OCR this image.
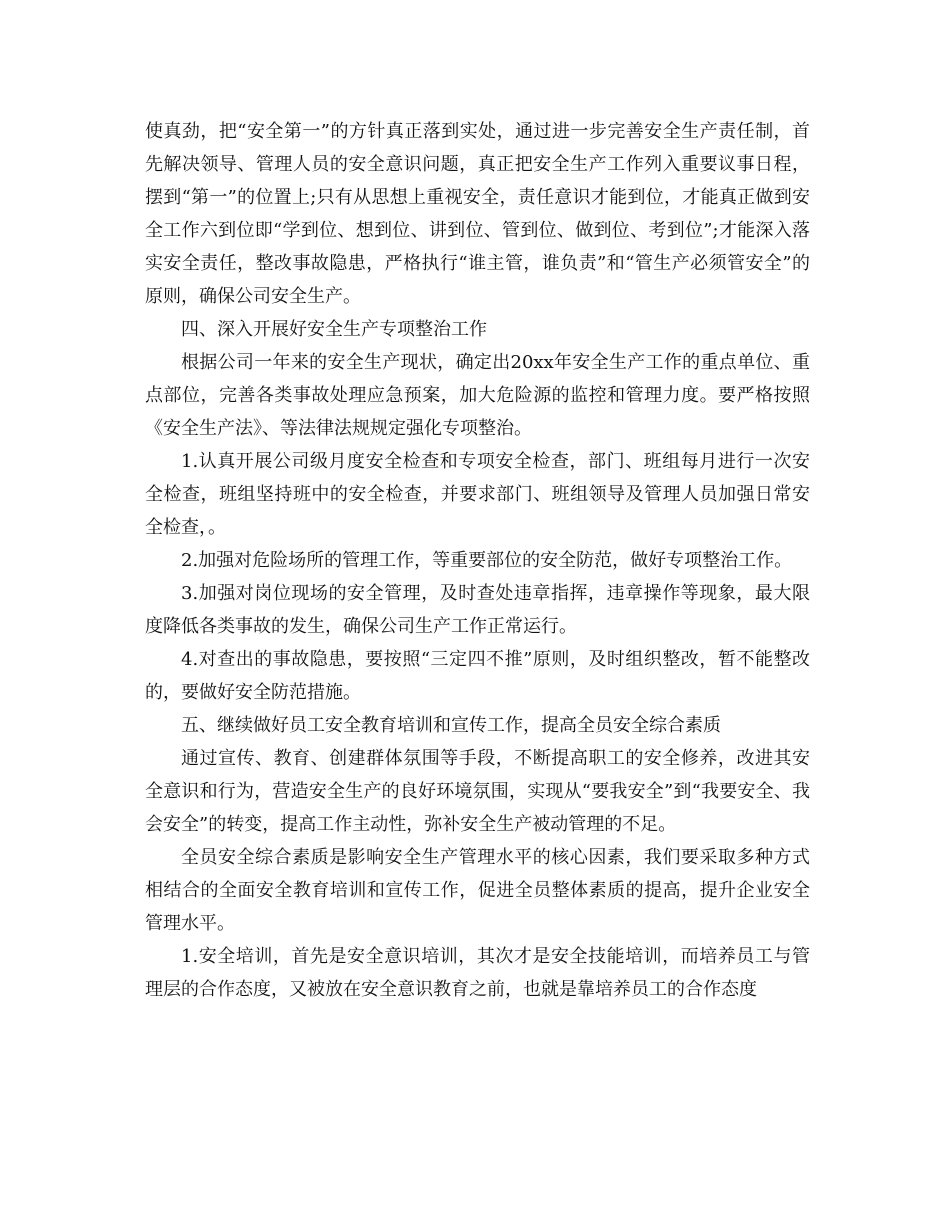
使真劲，把“安全第一”的方针真正落到实处，通过进一步完善安全生产责任制，首先解决领导、管理人员的安全意识问题，真正把安全生产工作列入重要议事日程，摆到“第一”的位置上;只有从思想上重视安全，责任意识才能到位，才能真正做到安全工作六到位即“学到位、想到位、讲到位、管到位、做到位、考到位”;才能深入落实安全责任，整改事故隐患，严格执行“谁主管，谁负责”和“管生产必须管安全”的原则，确保公司安全生产。

四、深入开展好安全生产专项整治工作

根据公司一年来的安全生产现状，确定出20xx年安全生产工作的重点单位、重点部位，完善各类事故处理应急预案，加大危险源的监控和管理力度。要严格按照《安全生产法》、等法律法规规定强化专项整治。

1.认真开展公司级月度安全检查和专项安全检查，部门、班组每月进行一次安全检查，班组坚持班中的安全检查，并要求部门、班组领导及管理人员加强日常安全检查，。

2.加强对危险场所的管理工作，等重要部位的安全防范，做好专项整治工作。

3.加强对岗位现场的安全管理，及时查处违章指挥，违章操作等现象，最大限度降低各类事故的发生，确保公司生产工作正常运行。

4.对查出的事故隐患，要按照“三定四不推”原则，及时组织整改，暂不能整改的，要做好安全防范措施。

五、继续做好员工安全教育培训和宣传工作，提高全员安全综合素质

通过宣传、教育、创建群体氛围等手段，不断提高职工的安全修养，改进其安全意识和行为，营造安全生产的良好环境氛围，实现从“要我安全”到“我要安全、我会安全”的转变，提高工作主动性，弥补安全生产被动管理的不足。

全员安全综合素质是影响安全生产管理水平的核心因素，我们要采取多种方式相结合的全面安全教育培训和宣传工作，促进全员整体素质的提高，提升企业安全管理水平。

1.安全培训，首先是安全意识培训，其次才是安全技能培训，而培养员工与管理层的合作态度，又被放在安全意识教育之前，也就是靠培养员工的合作态度
